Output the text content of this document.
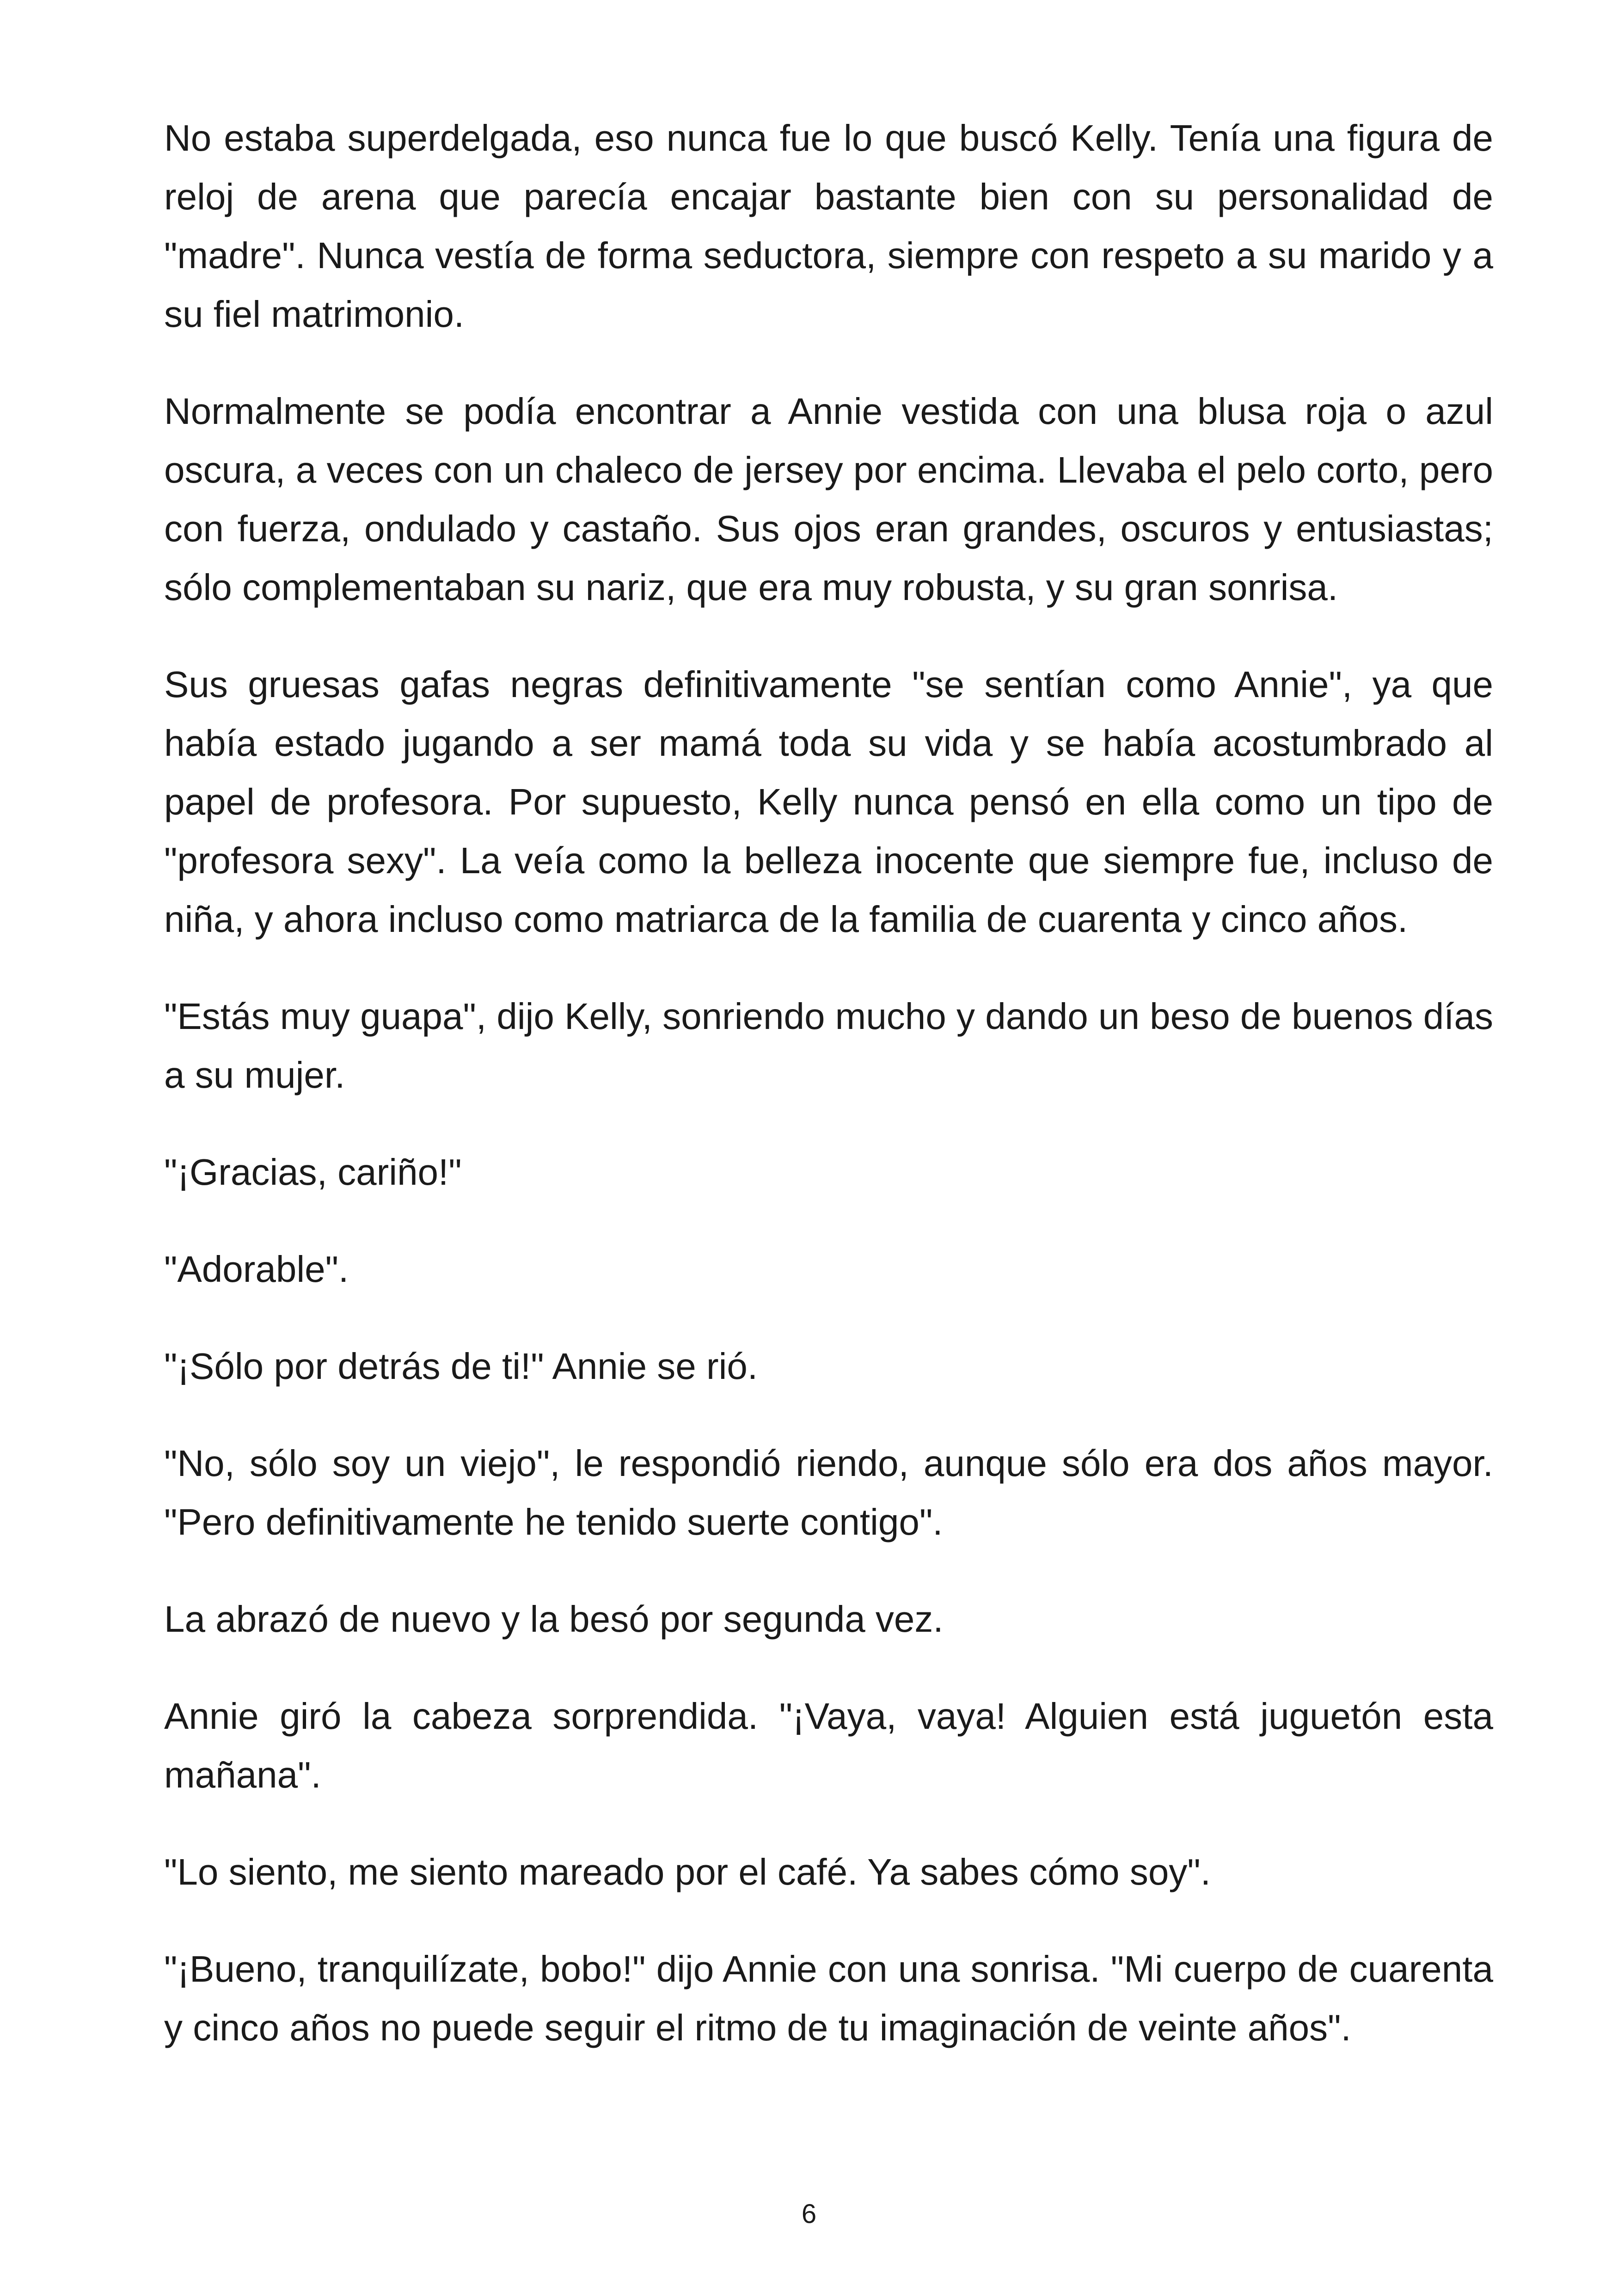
No estaba superdelgada, eso nunca fue lo que buscó Kelly. Tenía una figura de reloj de arena que parecía encajar bastante bien con su personalidad de "madre". Nunca vestía de forma seductora, siempre con respeto a su marido y a su fiel matrimonio.

Normalmente se podía encontrar a Annie vestida con una blusa roja o azul oscura, a veces con un chaleco de jersey por encima. Llevaba el pelo corto, pero con fuerza, ondulado y castaño. Sus ojos eran grandes, oscuros y entusiastas; sólo complementaban su nariz, que era muy robusta, y su gran sonrisa.

Sus gruesas gafas negras definitivamente "se sentían como Annie", ya que había estado jugando a ser mamá toda su vida y se había acostumbrado al papel de profesora. Por supuesto, Kelly nunca pensó en ella como un tipo de "profesora sexy". La veía como la belleza inocente que siempre fue, incluso de niña, y ahora incluso como matriarca de la familia de cuarenta y cinco años.

"Estás muy guapa", dijo Kelly, sonriendo mucho y dando un beso de buenos días a su mujer.

"¡Gracias, cariño!"

"Adorable".

"¡Sólo por detrás de ti!" Annie se rió.

"No, sólo soy un viejo", le respondió riendo, aunque sólo era dos años mayor. "Pero definitivamente he tenido suerte contigo".

La abrazó de nuevo y la besó por segunda vez.

Annie giró la cabeza sorprendida. "¡Vaya, vaya! Alguien está juguetón esta mañana".

"Lo siento, me siento mareado por el café. Ya sabes cómo soy".

"¡Bueno, tranquilízate, bobo!" dijo Annie con una sonrisa. "Mi cuerpo de cuarenta y cinco años no puede seguir el ritmo de tu imaginación de veinte años".

6
